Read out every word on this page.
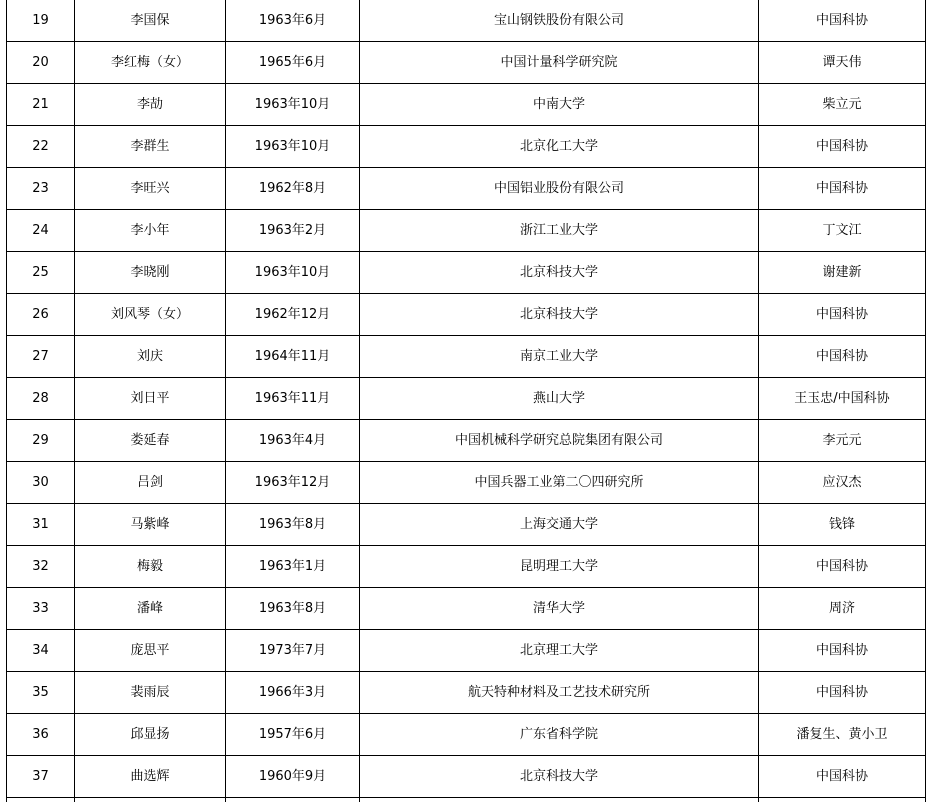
19	李国保	1963年6月	宝山钢铁股份有限公司	中国科协
20	李红梅（女）	1965年6月	中国计量科学研究院	谭天伟
21	李劼	1963年10月	中南大学	柴立元
22	李群生	1963年10月	北京化工大学	中国科协
23	李旺兴	1962年8月	中国铝业股份有限公司	中国科协
24	李小年	1963年2月	浙江工业大学	丁文江
25	李晓刚	1963年10月	北京科技大学	谢建新
26	刘风琴（女）	1962年12月	北京科技大学	中国科协
27	刘庆	1964年11月	南京工业大学	中国科协
28	刘日平	1963年11月	燕山大学	王玉忠/中国科协
29	娄延春	1963年4月	中国机械科学研究总院集团有限公司	李元元
30	吕剑	1963年12月	中国兵器工业第二〇四研究所	应汉杰
31	马紫峰	1963年8月	上海交通大学	钱锋
32	梅毅	1963年1月	昆明理工大学	中国科协
33	潘峰	1963年8月	清华大学	周济
34	庞思平	1973年7月	北京理工大学	中国科协
35	裴雨辰	1966年3月	航天特种材料及工艺技术研究所	中国科协
36	邱显扬	1957年6月	广东省科学院	潘复生、黄小卫
37	曲选辉	1960年9月	北京科技大学	中国科协
